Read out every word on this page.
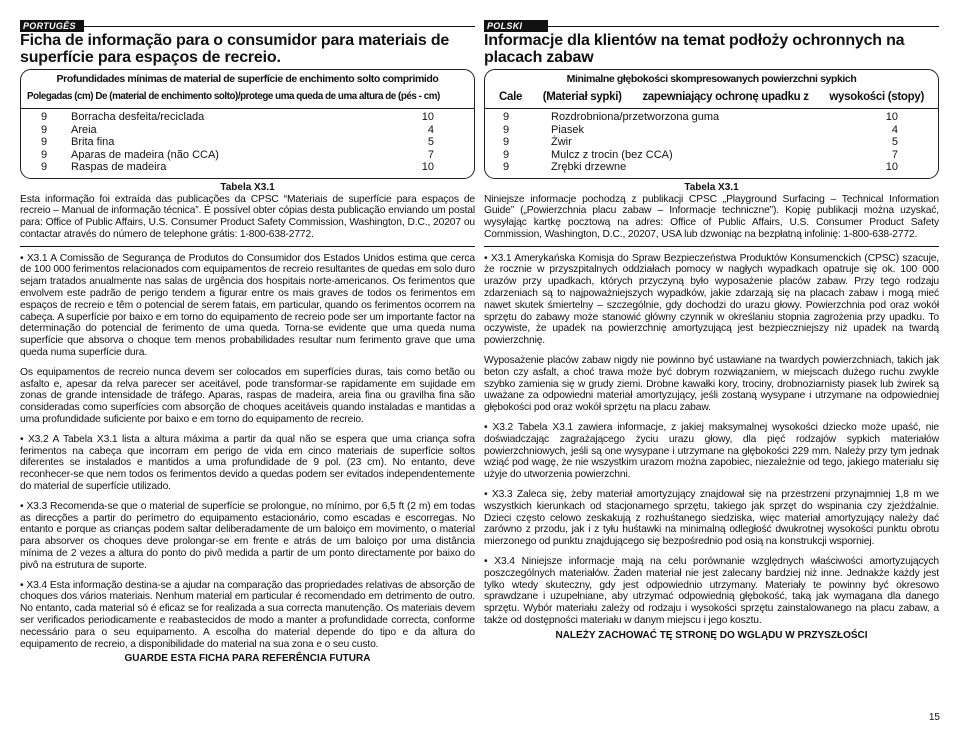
PORTUGÊS
Ficha de informação para o consumidor para materiais de superfície para espaços de recreio.
Profundidades mínimas de material de superfície de enchimento solto comprimido
Polegadas (cm) De (material de enchimento solto)/protege uma queda de uma altura de (pés - cm)
9	Borracha desfeita/reciclada	10
9	Areia	4
9	Brita fina	5
9	Aparas de madeira (não CCA)	7
9	Raspas de madeira	10
Tabela X3.1

Esta informação foi extraída das publicações da CPSC “Materiais de superfície para espaços de recreio – Manual de informação técnica”. É possível obter cópias desta publicação enviando um postal para: Office of Public Affairs, U.S. Consumer Product Safety Commission, Washington, D.C., 20207 ou contactar através do número de telephone grátis: 1-800-638-2772.

• X3.1 A Comissão de Segurança de Produtos do Consumidor dos Estados Unidos estima que cerca de 100 000 ferimentos relacionados com equipamentos de recreio resultantes de quedas em solo duro sejam tratados anualmente nas salas de urgência dos hospitais norte-americanos. Os ferimentos que envolvem este padrão de perigo tendem a figurar entre os mais graves de todos os ferimentos em espaços de recreio e têm o potencial de serem fatais, em particular, quando os ferimentos ocorrem na cabeça. A superfície por baixo e em torno do equipamento de recreio pode ser um importante factor na determinação do potencial de ferimento de uma queda. Torna-se evidente que uma queda numa superfície que absorva o choque tem menos probabilidades resultar num ferimento grave que uma queda numa superfície dura.

Os equipamentos de recreio nunca devem ser colocados em superfícies duras, tais como betão ou asfalto e, apesar da relva parecer ser aceitável, pode transformar-se rapidamente em sujidade em zonas de grande intensidade de tráfego. Aparas, raspas de madeira, areia fina ou gravilha fina são consideradas como superfícies com absorção de choques aceitáveis quando instaladas e mantidas a uma profundidade suficiente por baixo e em torno do equipamento de recreio.

• X3.2 A Tabela X3.1 lista a altura máxima a partir da qual não se espera que uma criança sofra ferimentos na cabeça que incorram em perigo de vida em cinco materiais de superfície soltos diferentes se instalados e mantidos a uma profundidade de 9 pol. (23 cm). No entanto, deve reconhecer-se que nem todos os ferimentos devido a quedas podem ser evitados independentemente do material de superfície utilizado.

• X3.3 Recomenda-se que o material de superfície se prolongue, no mínimo, por 6,5 ft (2 m) em todas as direcções a partir do perímetro do equipamento estacionário, como escadas e escorregas. No entanto e porque as crianças podem saltar deliberadamente de um baloiço em movimento, o material para absorver os choques deve prolongar-se em frente e atrás de um baloiço por uma distância mínima de 2 vezes a altura do ponto do pivô medida a partir de um ponto directamente por baixo do pivô na estrutura de suporte.

• X3.4 Esta informação destina-se a ajudar na comparação das propriedades relativas de absorção de choques dos vários materiais. Nenhum material em particular é recomendado em detrimento de outro. No entanto, cada material só é eficaz se for realizada a sua correcta manutenção. Os materiais devem ser verificados periodicamente e reabastecidos de modo a manter a profundidade correcta, conforme necessário para o seu equipamento. A escolha do material depende do tipo e da altura do equipamento de recreio, a disponibilidade do material na sua zona e o seu custo.

GUARDE ESTA FICHA PARA REFERÊNCIA FUTURA
POLSKI
Informacje dla klientów na temat podłoży ochronnych na placach zabaw
Minimalne głębokości skompresowanych powierzchni sypkich
Cale (Materiał sypki) zapewniający ochronę upadku z wysokości (stopy)
9	Rozdrobniona/przetworzona guma	10
9	Piasek	4
9	Żwir	5
9	Mulcz z trocin (bez CCA)	7
9	Zrębki drzewne	10
Tabela X3.1

Niniejsze informacje pochodzą z publikacji CPSC „Playground Surfacing – Technical Information Guide” („Powierzchnia placu zabaw – Informacje techniczne”). Kopię publikacji można uzyskać, wysyłając kartkę pocztową na adres: Office of Public Affairs, U.S. Consumer Product Safety Commission, Washington, D.C., 20207, USA lub dzwoniąc na bezpłatną infolinię: 1-800-638-2772.

• X3.1 Amerykańska Komisja do Spraw Bezpieczeństwa Produktów Konsumenckich (CPSC) szacuje, że rocznie w przyszpitalnych oddziałach pomocy w nagłych wypadkach opatruje się ok. 100 000 urazów przy upadkach, których przyczyną było wyposażenie placów zabaw. Przy tego rodzaju zdarzeniach są to najpoważniejszych wypadków, jakie zdarzają się na placach zabaw i mogą mieć nawet skutek śmiertelny – szczególnie, gdy dochodzi do urazu głowy. Powierzchnia pod oraz wokół sprzętu do zabawy może stanowić główny czynnik w określaniu stopnia zagrożenia przy upadku. To oczywiste, że upadek na powierzchnię amortyzującą jest bezpieczniejszy niż upadek na twardą powierzchnię.

Wyposażenie placów zabaw nigdy nie powinno być ustawiane na twardych powierzchniach, takich jak beton czy asfalt, a choć trawa może być dobrym rozwiązaniem, w miejscach dużego ruchu zwykle szybko zamienia się w grudy ziemi. Drobne kawałki kory, trociny, drobnoziarnisty piasek lub żwirek są uważane za odpowiedni materiał amortyzujący, jeśli zostaną wysypane i utrzymane na odpowiedniej głębokości pod oraz wokół sprzętu na placu zabaw.

• X3.2 Tabela X3.1 zawiera informacje, z jakiej maksymalnej wysokości dziecko może upaść, nie doświadczając zagrażającego życiu urazu głowy, dla pięć rodzajów sypkich materiałów powierzchniowych, jeśli są one wysypane i utrzymane na głębokości 229 mm. Należy przy tym jednak wziąć pod wagę, że nie wszystkim urazom można zapobiec, niezależnie od tego, jakiego materiału się użyje do utworzenia powierzchni.

• X3.3 Zaleca się, żeby materiał amortyzujący znajdował się na przestrzeni przynajmniej 1,8 m we wszystkich kierunkach od stacjonarnego sprzętu, takiego jak sprzęt do wspinania czy zjeżdżalnie. Dzieci często celowo zeskakują z rozhuśtanego siedziska, więc materiał amortyzujący należy dać zarówno z przodu, jak i z tyłu huśtawki na minimalną odległość dwukrotnej wysokości punktu obrotu mierzonego od punktu znajdującego się bezpośrednio pod osią na konstrukcji wsporniej.

• X3.4 Niniejsze informacje mają na celu porównanie względnych właściwości amortyzujących poszczególnych materiałów. Żaden materiał nie jest zalecany bardziej niż inne. Jednakże każdy jest tylko wtedy skuteczny, gdy jest odpowiednio utrzymany. Materiały te powinny być okresowo sprawdzane i uzupełniane, aby utrzymać odpowiednią głębokość, taką jak wymagana dla danego sprzętu. Wybór materiału zależy od rodzaju i wysokości sprzętu zainstalowanego na placu zabaw, a także od dostępności materiału w danym miejscu i jego kosztu.

NALEŻY ZACHOWAĆ TĘ STRONĘ DO WGLĄDU W PRZYSZŁOŚCI
15
